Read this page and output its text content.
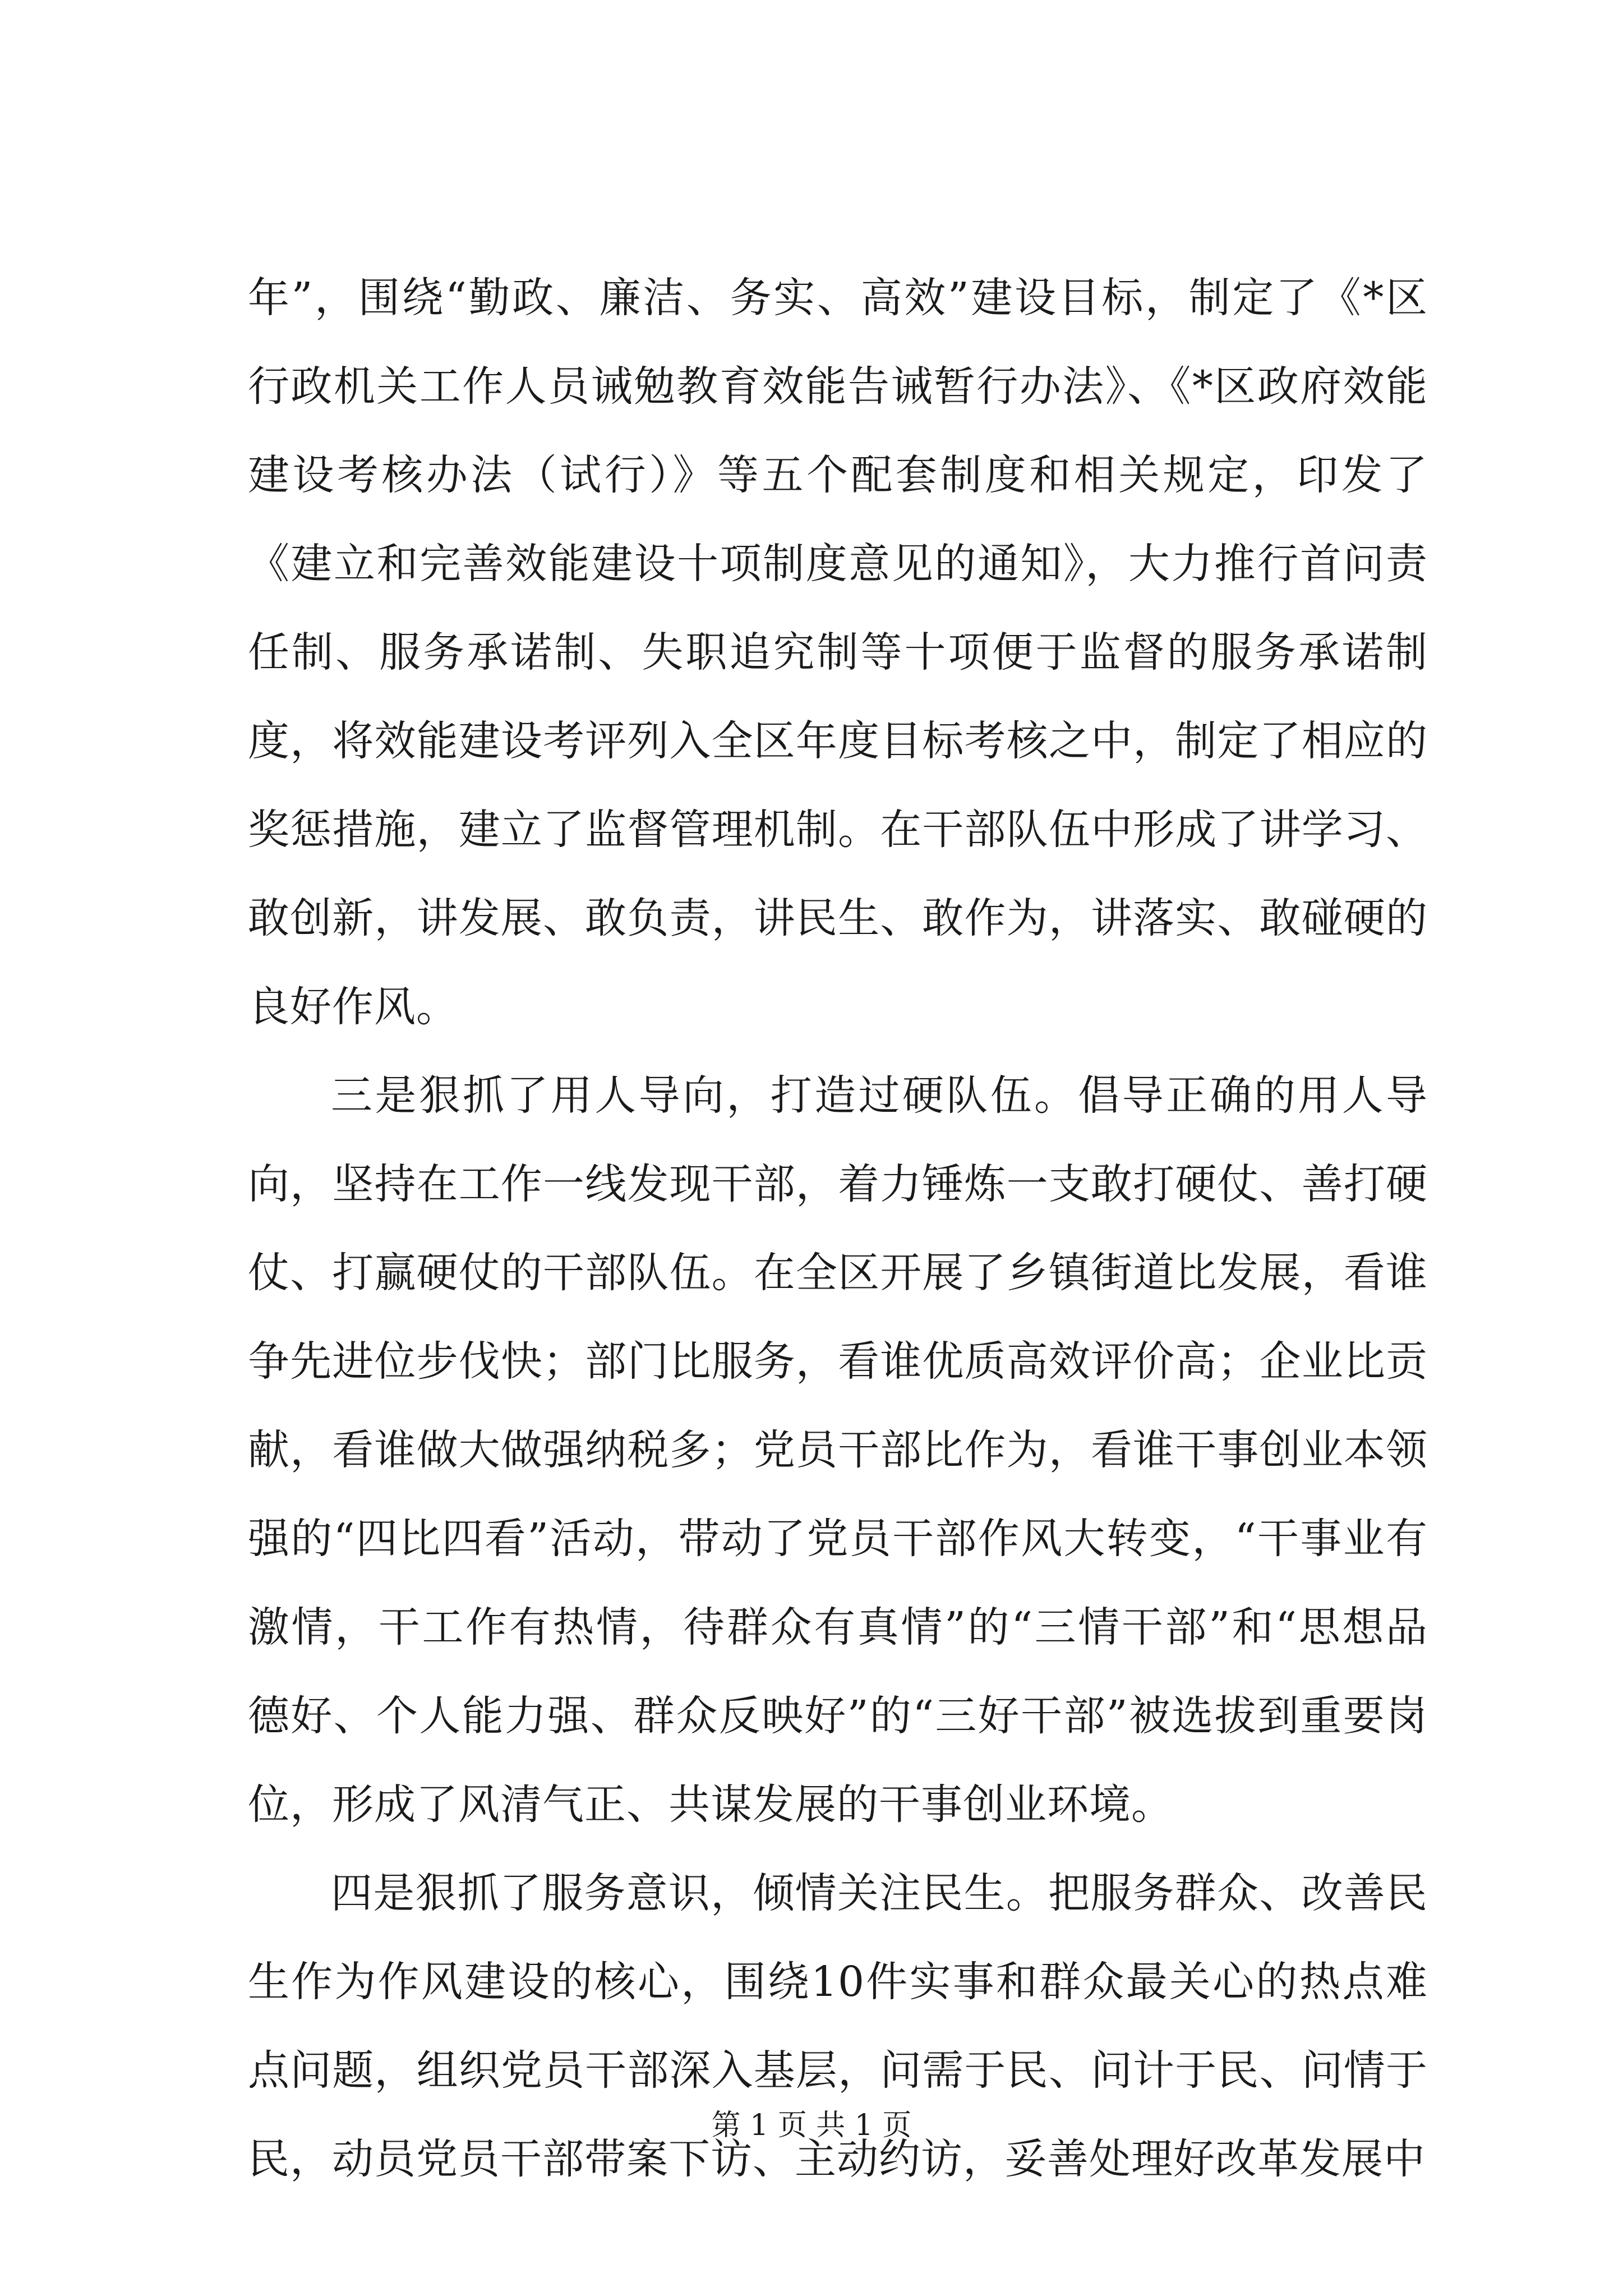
年”，围绕“勤政、廉洁、务实、高效”建设目标，制定了《*区行政机关工作人员诫勉教育效能告诫暂行办法》、《*区政府效能建设考核办法（试行）》等五个配套制度和相关规定，印发了《建立和完善效能建设十项制度意见的通知》，大力推行首问责任制、服务承诺制、失职追究制等十项便于监督的服务承诺制度，将效能建设考评列入全区年度目标考核之中，制定了相应的奖惩措施，建立了监督管理机制。在干部队伍中形成了讲学习、敢创新，讲发展、敢负责，讲民生、敢作为，讲落实、敢碰硬的良好作风。

三是狠抓了用人导向，打造过硬队伍。倡导正确的用人导向，坚持在工作一线发现干部，着力锤炼一支敢打硬仗、善打硬仗、打赢硬仗的干部队伍。在全区开展了乡镇街道比发展，看谁争先进位步伐快；部门比服务，看谁优质高效评价高；企业比贡献，看谁做大做强纳税多；党员干部比作为，看谁干事创业本领强的“四比四看”活动，带动了党员干部作风大转变，“干事业有激情，干工作有热情，待群众有真情”的“三情干部”和“思想品德好、个人能力强、群众反映好”的“三好干部”被选拔到重要岗位，形成了风清气正、共谋发展的干事创业环境。

四是狠抓了服务意识，倾情关注民生。把服务群众、改善民生作为作风建设的核心，围绕10件实事和群众最关心的热点难点问题，组织党员干部深入基层，问需于民、问计于民、问情于民，动员党员干部带案下访、主动约访，妥善处理好改革发展中

第 1 页 共 1 页
